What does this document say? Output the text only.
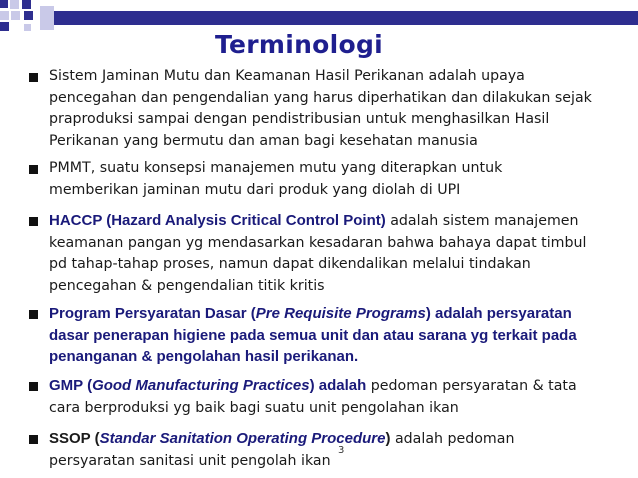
Terminologi
Sistem Jaminan Mutu dan Keamanan Hasil Perikanan adalah upaya
pencegahan dan pengendalian yang harus diperhatikan dan dilakukan sejak
praproduksi sampai dengan pendistribusian untuk menghasilkan Hasil
Perikanan yang bermutu dan aman bagi kesehatan manusia
PMMT, suatu konsepsi manajemen mutu yang diterapkan untuk
memberikan jaminan mutu dari produk yang diolah di UPI
HACCP (Hazard Analysis Critical Control Point) adalah sistem manajemen
keamanan pangan yg mendasarkan kesadaran bahwa bahaya dapat timbul
pd tahap-tahap proses, namun dapat dikendalikan melalui tindakan
pencegahan & pengendalian titik kritis
Program Persyaratan Dasar (Pre Requisite Programs) adalah persyaratan
dasar penerapan higiene pada semua unit dan atau sarana yg terkait pada
penanganan & pengolahan hasil perikanan.
GMP (Good Manufacturing Practices) adalah pedoman persyaratan & tata
cara berproduksi yg baik bagi suatu unit pengolahan ikan
SSOP (Standar Sanitation Operating Procedure) adalah pedoman
persyaratan sanitasi unit pengolah ikan
3
